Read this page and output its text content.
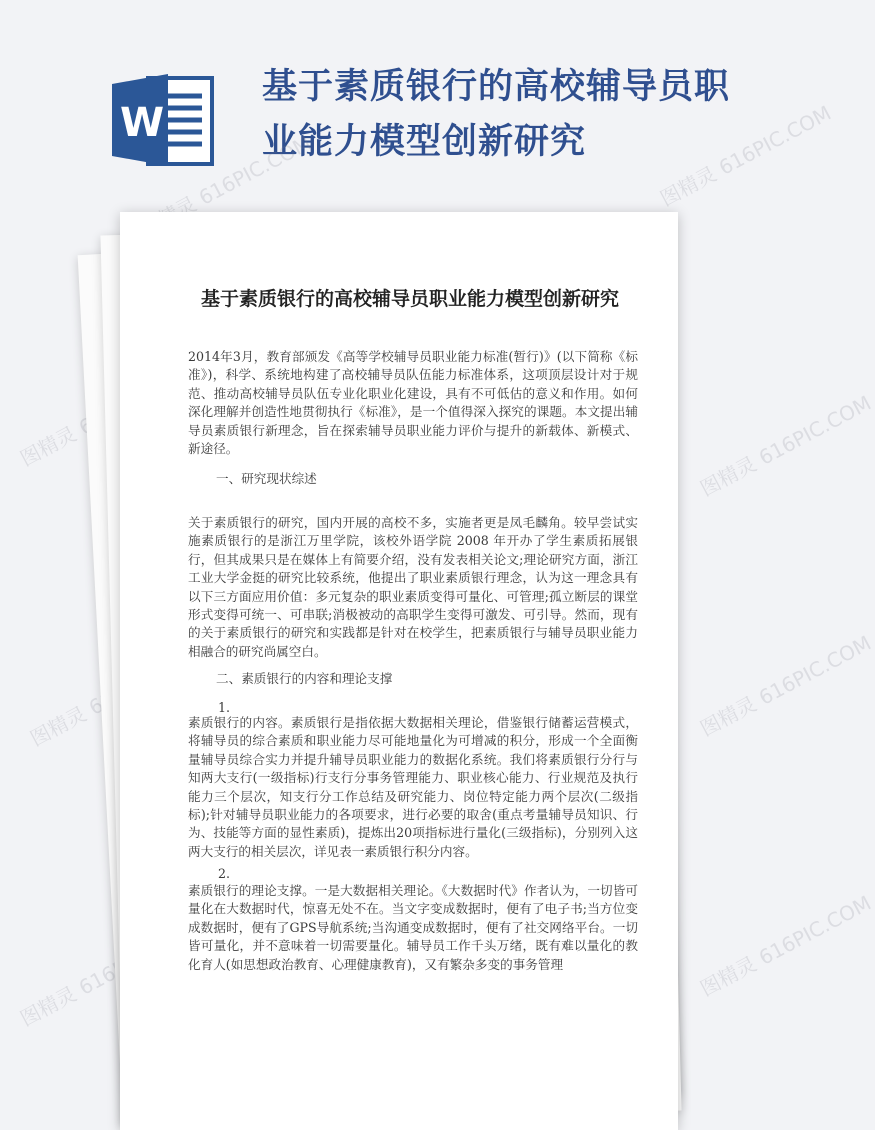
W
基于素质银行的高校辅导员职业能力模型创新研究
图精灵 616PIC.COM	图精灵 616PIC.COM
图精灵	图精灵 616PIC.COM
图精灵	图精灵 616PIC.COM
图精灵 616PIC.COM	图精灵 616PIC.COM
基于素质银行的高校辅导员职业能力模型创新研究

2014年3月，教育部颁发《高等学校辅导员职业能力标准(暂行)》(以下简称《标准》)，科学、系统地构建了高校辅导员队伍能力标准体系，这项顶层设计对于规范、推动高校辅导员队伍专业化职业化建设，具有不可低估的意义和作用。如何深化理解并创造性地贯彻执行《标准》，是一个值得深入探究的课题。本文提出辅导员素质银行新理念，旨在探索辅导员职业能力评价与提升的新载体、新模式、新途径。

一、研究现状综述

关于素质银行的研究，国内开展的高校不多，实施者更是凤毛麟角。较早尝试实施素质银行的是浙江万里学院，该校外语学院 2008 年开办了学生素质拓展银行，但其成果只是在媒体上有简要介绍，没有发表相关论文;理论研究方面，浙江工业大学金挺的研究比较系统，他提出了职业素质银行理念，认为这一理念具有以下三方面应用价值：多元复杂的职业素质变得可量化、可管理;孤立断层的课堂形式变得可统一、可串联;消极被动的高职学生变得可激发、可引导。然而，现有的关于素质银行的研究和实践都是针对在校学生，把素质银行与辅导员职业能力相融合的研究尚属空白。

二、素质银行的内容和理论支撑
1.

素质银行的内容。素质银行是指依据大数据相关理论，借鉴银行储蓄运营模式，将辅导员的综合素质和职业能力尽可能地量化为可增减的积分，形成一个全面衡量辅导员综合实力并提升辅导员职业能力的数据化系统。我们将素质银行分行与知两大支行(一级指标)行支行分事务管理能力、职业核心能力、行业规范及执行能力三个层次，知支行分工作总结及研究能力、岗位特定能力两个层次(二级指标);针对辅导员职业能力的各项要求，进行必要的取舍(重点考量辅导员知识、行为、技能等方面的显性素质)，提炼出20项指标进行量化(三级指标)，分别列入这两大支行的相关层次，详见表一素质银行积分内容。

2.

素质银行的理论支撑。一是大数据相关理论。《大数据时代》作者认为，一切皆可量化在大数据时代，惊喜无处不在。当文字变成数据时，便有了电子书;当方位变成数据时，便有了GPS导航系统;当沟通变成数据时，便有了社交网络平台。一切皆可量化，并不意味着一切需要量化。辅导员工作千头万绪，既有难以量化的教化育人(如思想政治教育、心理健康教育)，又有繁杂多变的事务管理
